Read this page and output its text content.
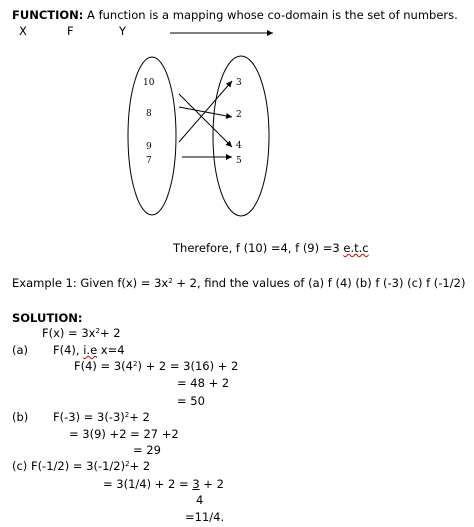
FUNCTION: A function is a mapping whose co-domain is the set of numbers.
X	F	Y
10
8
9
7
3
2
4
5
Therefore, f (10) =4, f (9) =3 e.t.c
Example 1: Given $f(x) = 3x^2 + 2$, find the values of (a) f (4) (b) f (-3) (c) f (-1/2)
SOLUTION:
$F(x) = 3x^2+ 2$
(a) F(4), i.e x=4
$F(4) = 3(4^2) + 2 = 3(16) + 2$
= 48 + 2
= 50
(b) $F(-3) = 3(-3)^2+ 2$
= 3(9) +2 = 27 +2
= 29
(c) $F(-1/2) = 3(-1/2)^2+ 2$
= 3(1/4) + 2 = 3 + 2
4
=11/4.
